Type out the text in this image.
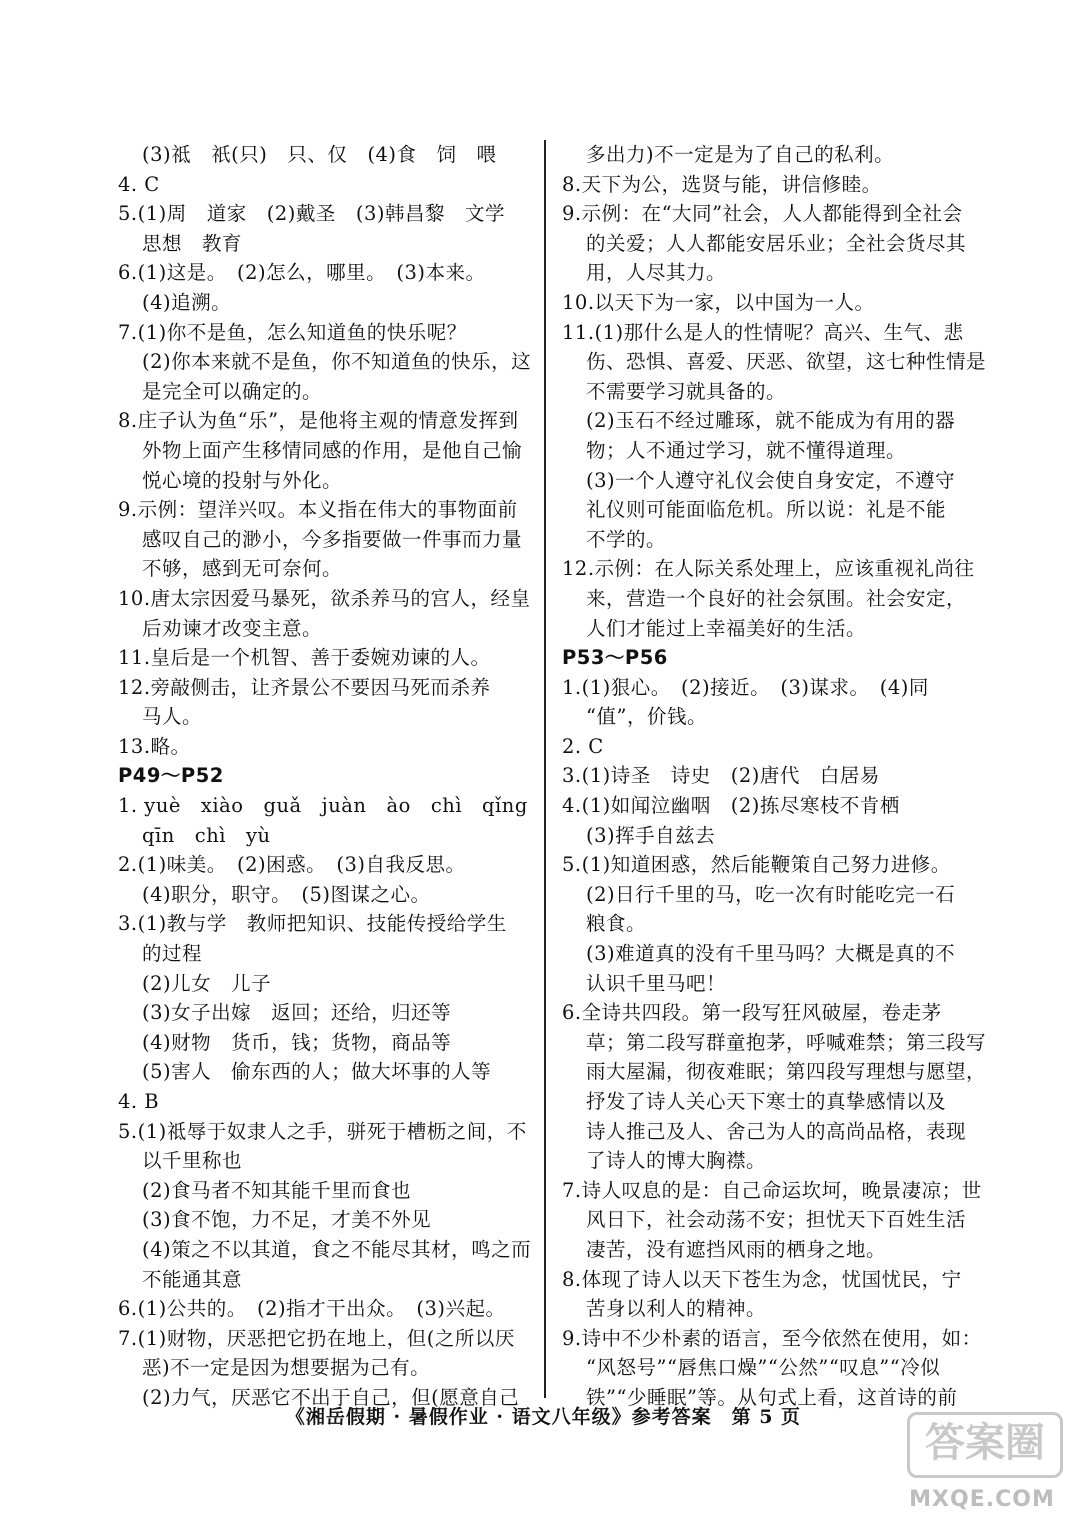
(3)祗　祇(只)　只、仅　(4)食　饲　喂
4. C
5.(1)周　道家　(2)戴圣　(3)韩昌黎　文学
思想　教育
6.(1)这是。　(2)怎么，哪里。　(3)本来。
(4)追溯。
7.(1)你不是鱼，怎么知道鱼的快乐呢？
(2)你本来就不是鱼，你不知道鱼的快乐，这
是完全可以确定的。
8.庄子认为鱼“乐”，是他将主观的情意发挥到
外物上面产生移情同感的作用，是他自己愉
悦心境的投射与外化。
9.示例：望洋兴叹。本义指在伟大的事物面前
感叹自己的渺小，今多指要做一件事而力量
不够，感到无可奈何。
10.唐太宗因爱马暴死，欲杀养马的宫人，经皇
后劝谏才改变主意。
11.皇后是一个机智、善于委婉劝谏的人。
12.旁敲侧击，让齐景公不要因马死而杀养
马人。
13.略。
P49～P52
1. yuè　xiào　guǎ　juàn　ào　chì　qǐng
qīn　chì　yù
2.(1)味美。　(2)困惑。　(3)自我反思。
(4)职分，职守。　(5)图谋之心。
3.(1)教与学　教师把知识、技能传授给学生
的过程
(2)儿女　儿子
(3)女子出嫁　返回；还给，归还等
(4)财物　货币，钱；货物，商品等
(5)害人　偷东西的人；做大坏事的人等
4. B
5.(1)祗辱于奴隶人之手，骈死于槽枥之间，不
以千里称也
(2)食马者不知其能千里而食也
(3)食不饱，力不足，才美不外见
(4)策之不以其道，食之不能尽其材，鸣之而
不能通其意
6.(1)公共的。　(2)指才干出众。　(3)兴起。
7.(1)财物，厌恶把它扔在地上，但(之所以厌
恶)不一定是因为想要据为己有。
(2)力气，厌恶它不出于自己，但(愿意自己
多出力)不一定是为了自己的私利。
8.天下为公，选贤与能，讲信修睦。
9.示例：在“大同”社会，人人都能得到全社会
的关爱；人人都能安居乐业；全社会货尽其
用，人尽其力。
10.以天下为一家，以中国为一人。
11.(1)那什么是人的性情呢？高兴、生气、悲
伤、恐惧、喜爱、厌恶、欲望，这七种性情是
不需要学习就具备的。
(2)玉石不经过雕琢，就不能成为有用的器
物；人不通过学习，就不懂得道理。
(3)一个人遵守礼仪会使自身安定，不遵守
礼仪则可能面临危机。所以说：礼是不能
不学的。
12.示例：在人际关系处理上，应该重视礼尚往
来，营造一个良好的社会氛围。社会安定，
人们才能过上幸福美好的生活。
P53～P56
1.(1)狠心。　(2)接近。　(3)谋求。　(4)同
“值”，价钱。
2. C
3.(1)诗圣　诗史　(2)唐代　白居易
4.(1)如闻泣幽咽　(2)拣尽寒枝不肯栖
(3)挥手自兹去
5.(1)知道困惑，然后能鞭策自己努力进修。
(2)日行千里的马，吃一次有时能吃完一石
粮食。
(3)难道真的没有千里马吗？大概是真的不
认识千里马吧！
6.全诗共四段。第一段写狂风破屋，卷走茅
草；第二段写群童抱茅，呼喊难禁；第三段写
雨大屋漏，彻夜难眠；第四段写理想与愿望，
抒发了诗人关心天下寒士的真挚感情以及
诗人推己及人、舍己为人的高尚品格，表现
了诗人的博大胸襟。
7.诗人叹息的是：自己命运坎坷，晚景凄凉；世
风日下，社会动荡不安；担忧天下百姓生活
凄苦，没有遮挡风雨的栖身之地。
8.体现了诗人以天下苍生为念，忧国忧民，宁
苦身以利人的精神。
9.诗中不少朴素的语言，至今依然在使用，如：
“风怒号”“唇焦口燥”“公然”“叹息”“冷似
铁”“少睡眠”等。从句式上看，这首诗的前
《湘岳假期 · 暑假作业 · 语文八年级》参考答案　第 5 页
答案圈
MXQE.COM
